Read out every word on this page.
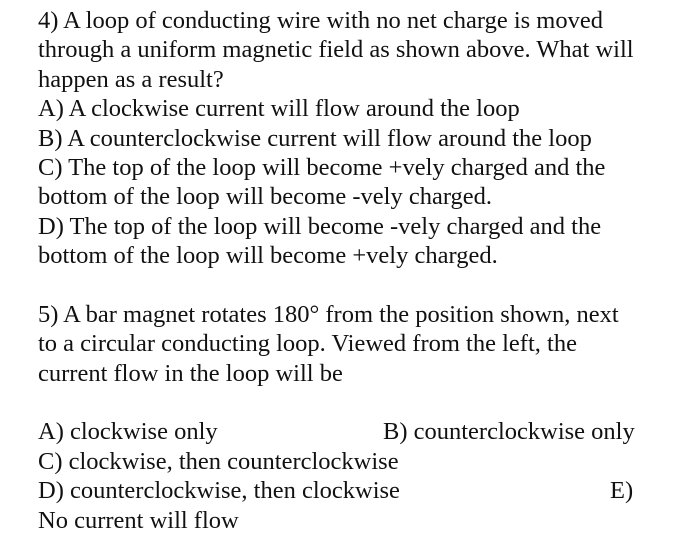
4) A loop of conducting wire with no net charge is moved

through a uniform magnetic field as shown above. What will

happen as a result?

A) A clockwise current will flow around the loop

B) A counterclockwise current will flow around the loop

C) The top of the loop will become +vely charged and the

bottom of the loop will become -vely charged.

D) The top of the loop will become -vely charged and the

bottom of the loop will become +vely charged.

5) A bar magnet rotates 180° from the position shown, next

to a circular conducting loop. Viewed from the left, the

current flow in the loop will be

A) clockwise only	B) counterclockwise only

C) clockwise, then counterclockwise

D) counterclockwise, then clockwise	E)

No current will flow
